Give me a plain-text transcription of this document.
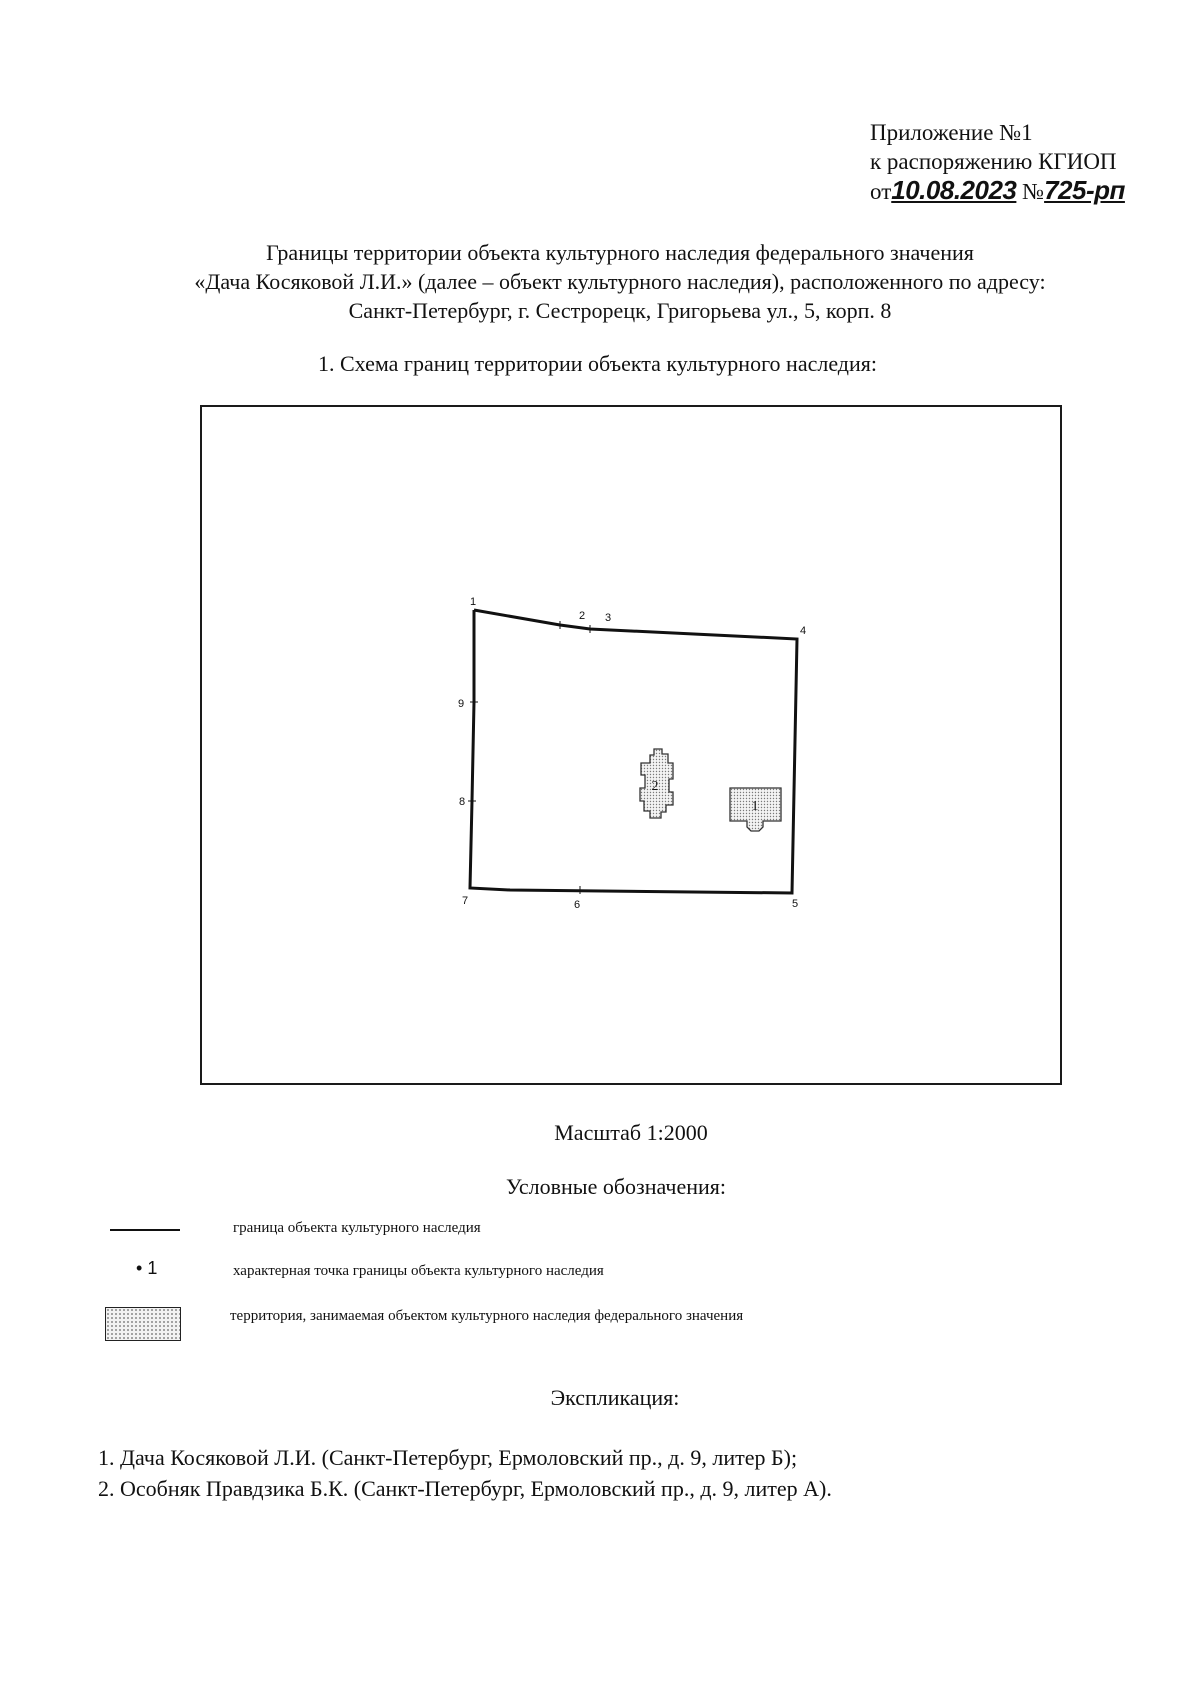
Приложение №1
к распоряжению КГИОП
от10.08.2023 №725-рп
Границы территории объекта культурного наследия федерального значения
«Дача Косяковой Л.И.» (далее – объект культурного наследия), расположенного по адресу:
Санкт-Петербург, г. Сестрорецк, Григорьева ул., 5, корп. 8
1. Схема границ территории объекта культурного наследия:
1
2 3
4
5
6
7
8
9
2
1
Масштаб 1:2000
Условные обозначения:
граница объекта культурного наследия
• 1	характерная точка границы объекта культурного наследия
территория, занимаемая объектом культурного наследия федерального значения
Экспликация:
1. Дача Косяковой Л.И. (Санкт-Петербург, Ермоловский пр., д. 9, литер Б);
2. Особняк Правдзика Б.К. (Санкт-Петербург, Ермоловский пр., д. 9, литер А).
